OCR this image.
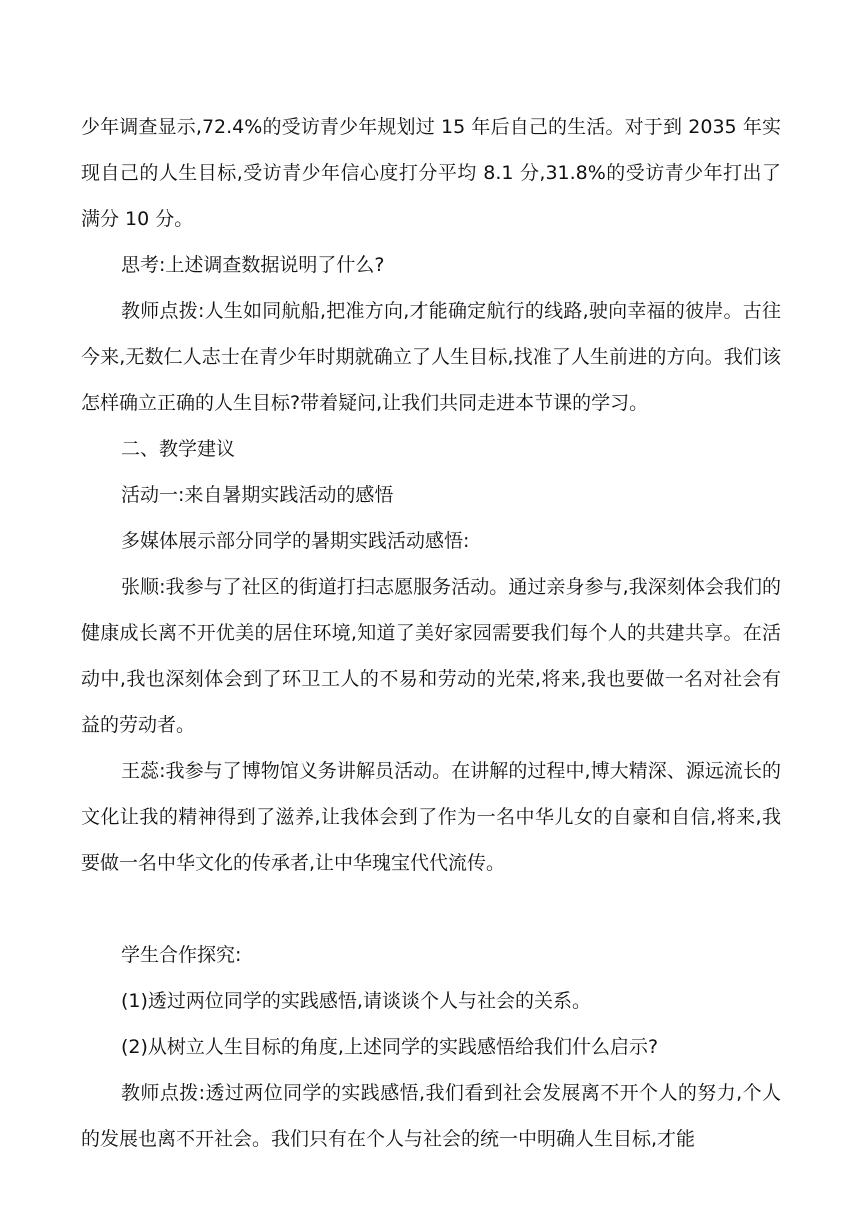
少年调查显示,72.4%的受访青少年规划过 15 年后自己的生活。对于到 2035 年实现自己的人生目标,受访青少年信心度打分平均 8.1 分,31.8%的受访青少年打出了满分 10 分。

思考:上述调查数据说明了什么?

教师点拨:人生如同航船,把准方向,才能确定航行的线路,驶向幸福的彼岸。古往今来,无数仁人志士在青少年时期就确立了人生目标,找准了人生前进的方向。我们该怎样确立正确的人生目标?带着疑问,让我们共同走进本节课的学习。

二、教学建议

活动一:来自暑期实践活动的感悟

多媒体展示部分同学的暑期实践活动感悟:

张顺:我参与了社区的街道打扫志愿服务活动。通过亲身参与,我深刻体会我们的健康成长离不开优美的居住环境,知道了美好家园需要我们每个人的共建共享。在活动中,我也深刻体会到了环卫工人的不易和劳动的光荣,将来,我也要做一名对社会有益的劳动者。

王蕊:我参与了博物馆义务讲解员活动。在讲解的过程中,博大精深、源远流长的文化让我的精神得到了滋养,让我体会到了作为一名中华儿女的自豪和自信,将来,我要做一名中华文化的传承者,让中华瑰宝代代流传。

学生合作探究:

(1)透过两位同学的实践感悟,请谈谈个人与社会的关系。

(2)从树立人生目标的角度,上述同学的实践感悟给我们什么启示?

教师点拨:透过两位同学的实践感悟,我们看到社会发展离不开个人的努力,个人的发展也离不开社会。我们只有在个人与社会的统一中明确人生目标,才能
